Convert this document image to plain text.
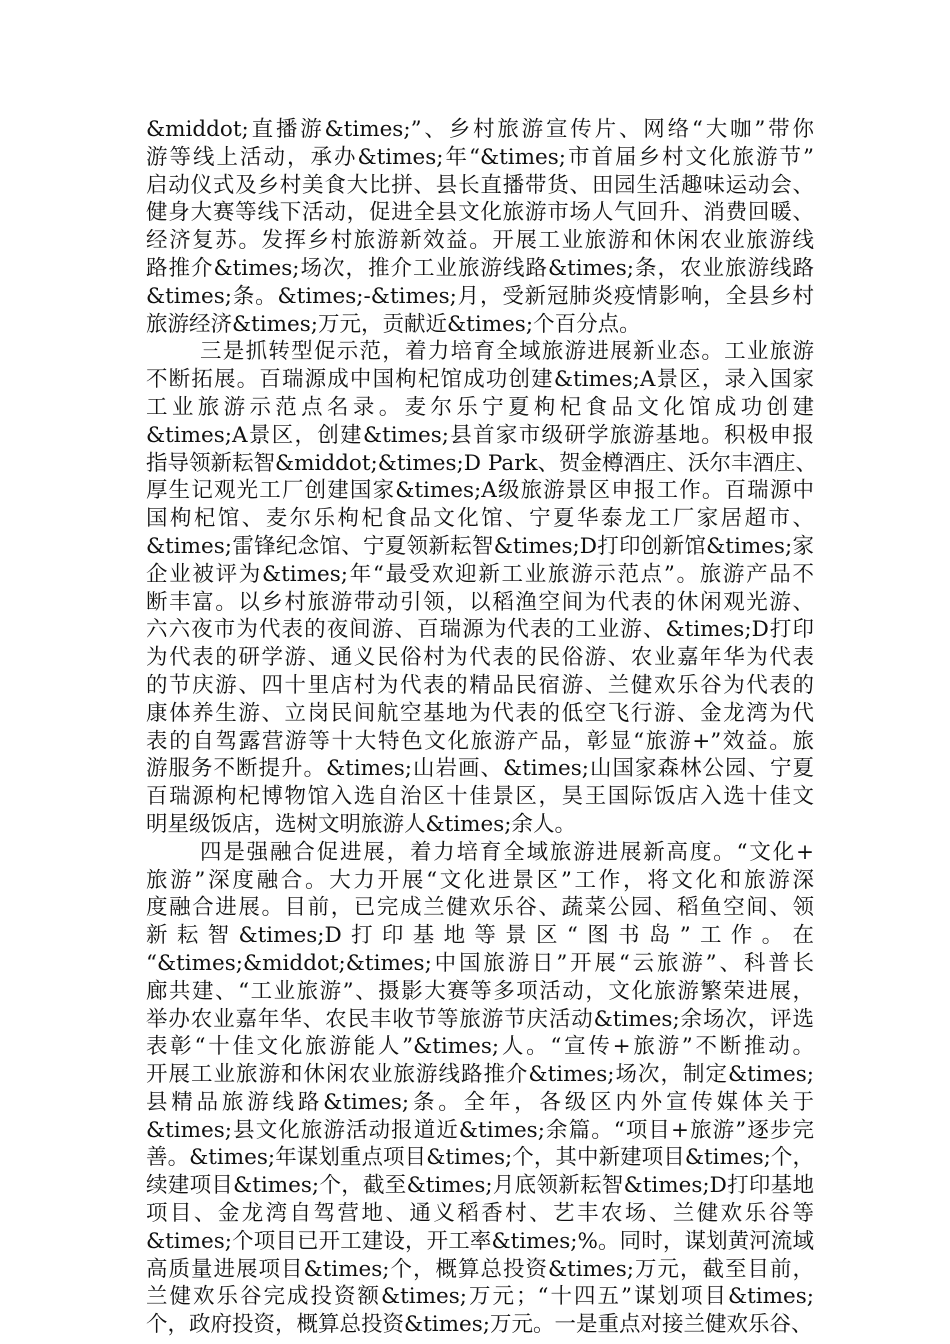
&middot;直播游&times;”、乡村旅游宣传片、网络“大咖”带你
游等线上活动，承办&times;年“&times;市首届乡村文化旅游节”
启动仪式及乡村美食大比拼、县长直播带货、田园生活趣味运动会、
健身大赛等线下活动，促进全县文化旅游市场人气回升、消费回暖、
经济复苏。发挥乡村旅游新效益。开展工业旅游和休闲农业旅游线
路推介&times;场次，推介工业旅游线路&times;条，农业旅游线路
&times;条。&times;-&times;月，受新冠肺炎疫情影响，全县乡村
旅游经济&times;万元，贡献近&times;个百分点。
三是抓转型促示范，着力培育全域旅游进展新业态。工业旅游
不断拓展。百瑞源成中国枸杞馆成功创建&times;A景区，录入国家
工业旅游示范点名录。麦尔乐宁夏枸杞食品文化馆成功创建
&times;A景区，创建&times;县首家市级研学旅游基地。积极申报
指导领新耘智&middot;&times;D Park、贺金樽酒庄、沃尔丰酒庄、
厚生记观光工厂创建国家&times;A级旅游景区申报工作。百瑞源中
国枸杞馆、麦尔乐枸杞食品文化馆、宁夏华泰龙工厂家居超市、
&times;雷锋纪念馆、宁夏领新耘智&times;D打印创新馆&times;家
企业被评为&times;年“最受欢迎新工业旅游示范点”。旅游产品不
断丰富。以乡村旅游带动引领，以稻渔空间为代表的休闲观光游、
六六夜市为代表的夜间游、百瑞源为代表的工业游、&times;D打印
为代表的研学游、通义民俗村为代表的民俗游、农业嘉年华为代表
的节庆游、四十里店村为代表的精品民宿游、兰健欢乐谷为代表的
康体养生游、立岗民间航空基地为代表的低空飞行游、金龙湾为代
表的自驾露营游等十大特色文化旅游产品，彰显“旅游+”效益。旅
游服务不断提升。&times;山岩画、&times;山国家森林公园、宁夏
百瑞源枸杞博物馆入选自治区十佳景区，昊王国际饭店入选十佳文
明星级饭店，选树文明旅游人&times;余人。
四是强融合促进展，着力培育全域旅游进展新高度。“文化+
旅游”深度融合。大力开展“文化进景区”工作，将文化和旅游深
度融合进展。目前，已完成兰健欢乐谷、蔬菜公园、稻鱼空间、领
新耘智&times;D打印基地等景区“图书岛”工作。在
“&times;&middot;&times;中国旅游日”开展“云旅游”、科普长
廊共建、“工业旅游”、摄影大赛等多项活动，文化旅游繁荣进展，
举办农业嘉年华、农民丰收节等旅游节庆活动&times;余场次，评选
表彰“十佳文化旅游能人”&times;人。“宣传+旅游”不断推动。
开展工业旅游和休闲农业旅游线路推介&times;场次，制定&times;
县精品旅游线路&times;条。全年，各级区内外宣传媒体关于
&times;县文化旅游活动报道近&times;余篇。“项目+旅游”逐步完
善。&times;年谋划重点项目&times;个，其中新建项目&times;个，
续建项目&times;个，截至&times;月底领新耘智&times;D打印基地
项目、金龙湾自驾营地、通义稻香村、艺丰农场、兰健欢乐谷等
&times;个项目已开工建设，开工率&times;%。同时，谋划黄河流域
高质量进展项目&times;个，概算总投资&times;万元，截至目前，
兰健欢乐谷完成投资额&times;万元；“十四五”谋划项目&times;
个，政府投资，概算总投资&times;万元。一是重点对接兰健欢乐谷、
